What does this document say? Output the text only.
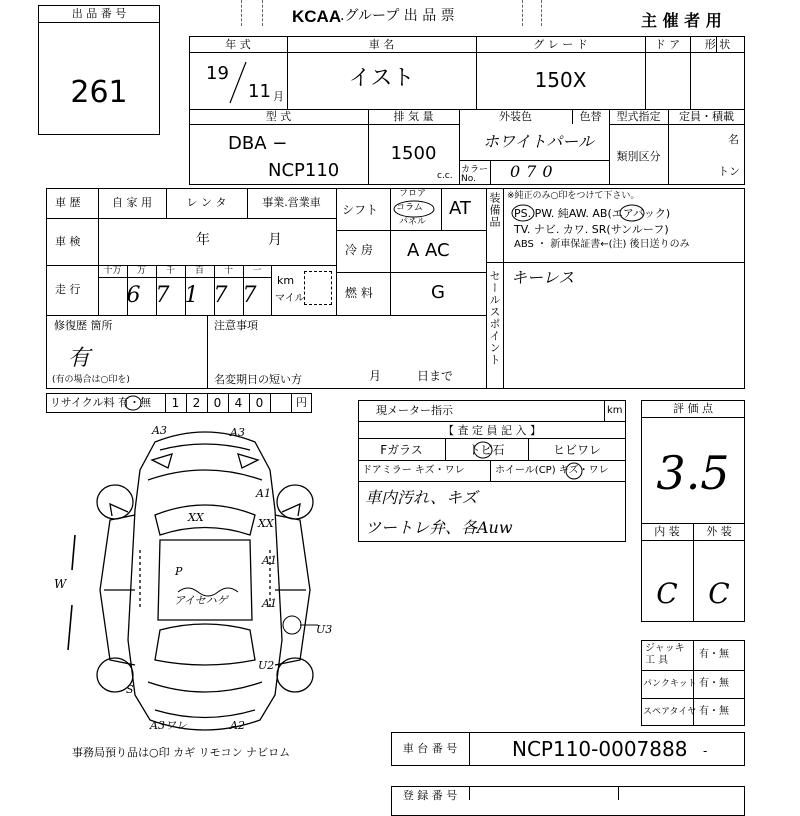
出 品 番 号
261
KCAA
.グループ 出 品 票	主 催 者 用
年 式
19
11 月
車 名
イスト
グ レ ー ド
150X
ド ア	形 状
型 式
DBA −
NCP110
排 気 量
1500
c.c.
外装色	色替
ホワイトパール
カラー No.	070
型式指定
類別区分
定員・積載
名
トン
車 歴	自 家 用	レ ン タ	事業.営業車
シフト
フロア
コラム
パネル
AT 装備品 ※純正のみ○印をつけて下さい。
PS. PW. 純AW. AB(エアバック)
TV. ナビ. カワ. SR(サンルーフ)
ABS ・ 新車保証書←(注) 後日送りのみ
車 検	年	月
冷 房 A AC
走 行
十万	万	千	百	十	一
6 7 1 7 7
km
マイル	燃 料	G	セールスポイント キーレス
修復歴 箇所
有
(有の場合は○印を)
注意事項
名変期日の短い方	月	日まで
リサイクル料 有・無	1	2	0	4	0	円
A3	A3
A1
XX	XX
A1
P
アイセハゲ	A1
U3
U2
S
A3ワレ	A2
W
事務局預り品は○印 カギ リモコン ナビロム
現メーター指示	km
【 査 定 員 記 入 】
Fガラス	トビ石	ヒビワレ
ドアミラー キズ・ワレ	ホイール(CP) キズ・ワレ
車内汚れ、キズ
ツートレ弁、各Auw
評 価 点
3.5
内 装	外 装
C	C
ジャッキ 工 具
有・無
パンクキット 有・無
スペアタイヤ 有・無
車 台 番 号	NCP110-0007888 -
登 録 番 号
